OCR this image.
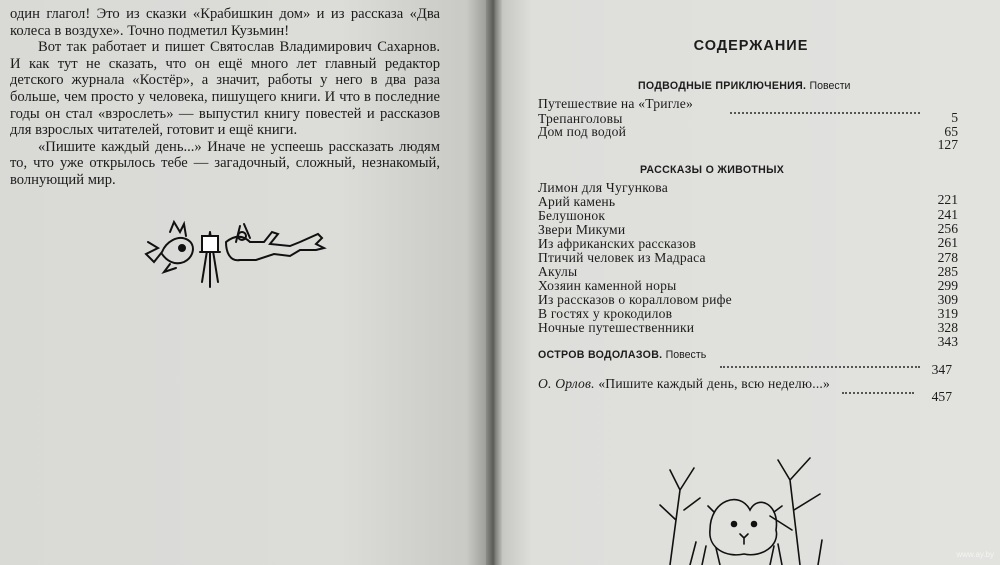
один глагол! Это из сказки «Крабишкин дом» и из рассказа «Два колеса в воздухе». Точно подметил Кузьмин!

Вот так работает и пишет Святослав Владимирович Сахарнов. И как тут не сказать, что он ещё много лет главный редактор детского журнала «Костёр», а значит, работы у него в два раза больше, чем просто у человека, пишущего книги. И что в последние годы он стал «взрослеть» — выпустил книгу повестей и рассказов для взрослых читателей, готовит и ещё книги.

«Пишите каждый день...» Иначе не успеешь рассказать людям то, что уже открылось тебе — загадочный, сложный, незнакомый, волнующий мир.

СОДЕРЖАНИЕ
ПОДВОДНЫЕ ПРИКЛЮЧЕНИЯ. Повести
Путешествие на «Тригле»
5
Трепанголовы
65
Дом под водой
127
РАССКАЗЫ О ЖИВОТНЫХ
Лимон для Чугункова
221
Арий камень
241
Белушонок
256
Звери Микуми
261
Из африканских рассказов
278
Птичий человек из Мадраса
285
Акулы
299
Хозяин каменной норы
309
Из рассказов о коралловом рифе
319
В гостях у крокодилов
328
Ночные путешественники
343
ОСТРОВ ВОДОЛАЗОВ. Повесть
347
О. Орлов. «Пишите каждый день, всю неделю...»
457
www.ay.by
